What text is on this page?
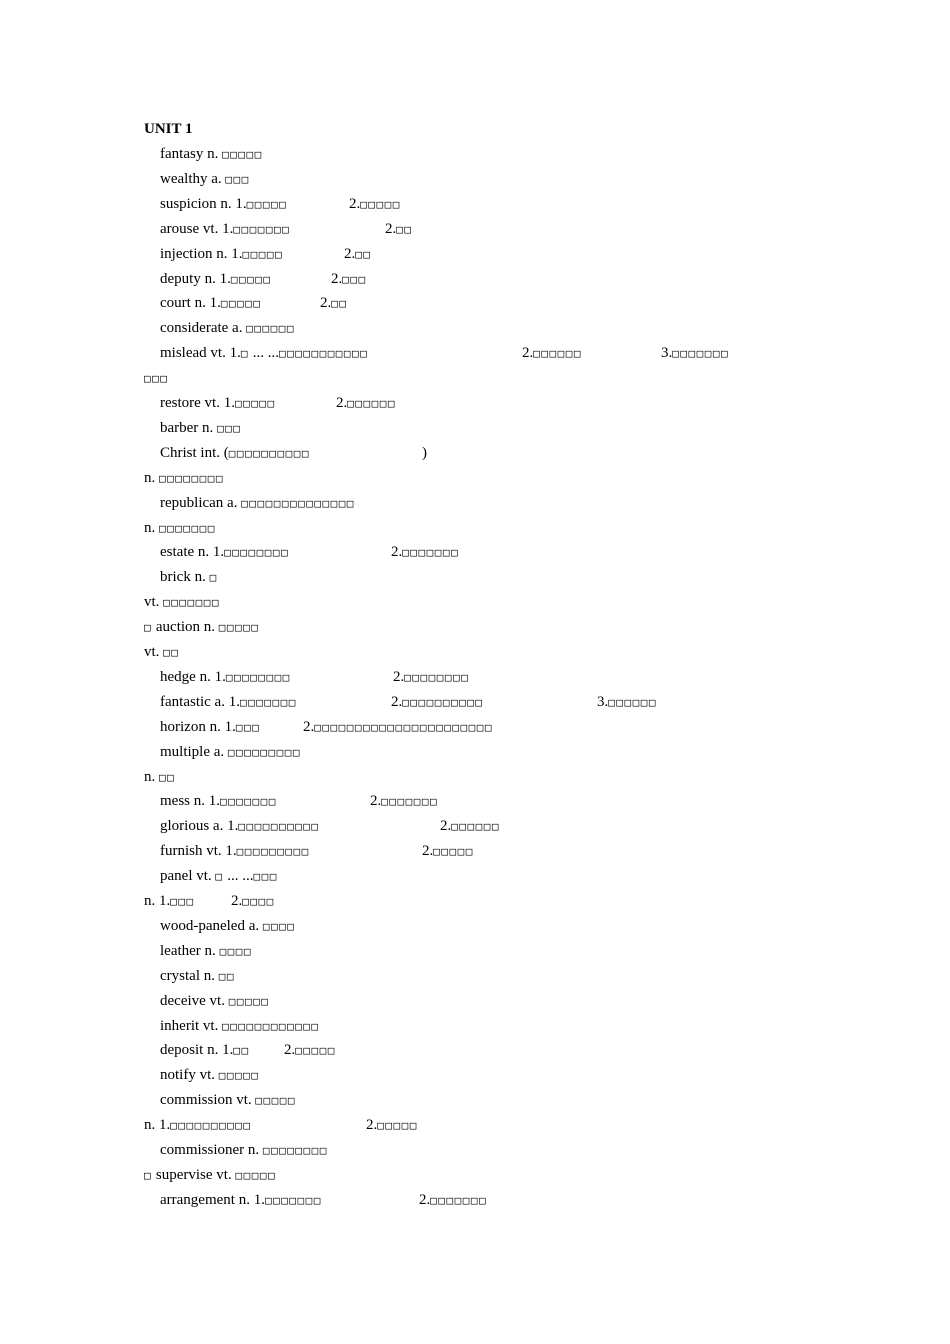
UNIT 1
fantasy n. □□□□□
wealthy a. □□□
suspicion n. 1.□□□□□	2.□□□□□
arouse vt. 1.□□□□□□□	2.□□
injection n. 1.□□□□□	2.□□
deputy n. 1.□□□□□	2.□□□
court n. 1.□□□□□	2.□□
considerate a. □□□□□□
mislead vt. 1.□ ... ...□□□□□□□□□□□	2.□□□□□□	3.□□□□□□□
□□□
restore vt. 1.□□□□□	2.□□□□□□
barber n. □□□
Christ int. (□□□□□□□□□□	)
n. □□□□□□□□
republican a. □□□□□□□□□□□□□□
n. □□□□□□□
estate n. 1.□□□□□□□□	2.□□□□□□□
brick n. □
vt. □□□□□□□
□ auction n. □□□□□
vt. □□
hedge n. 1.□□□□□□□□	2.□□□□□□□□
fantastic a. 1.□□□□□□□	2.□□□□□□□□□□	3.□□□□□□
horizon n. 1.□□□	2.□□□□□□□□□□□□□□□□□□□□□□
multiple a. □□□□□□□□□
n. □□
mess n. 1.□□□□□□□	2.□□□□□□□
glorious a. 1.□□□□□□□□□□	2.□□□□□□
furnish vt. 1.□□□□□□□□□	2.□□□□□
panel vt. □ ... ...□□□
n. 1.□□□ 2.□□□□
wood-paneled a. □□□□
leather n. □□□□
crystal n. □□
deceive vt. □□□□□
inherit vt. □□□□□□□□□□□□
deposit n. 1.□□ 2.□□□□□
notify vt. □□□□□
commission vt. □□□□□
n. 1.□□□□□□□□□□	2.□□□□□
commissioner n. □□□□□□□□
□ supervise vt. □□□□□
arrangement n. 1.□□□□□□□	2.□□□□□□□
